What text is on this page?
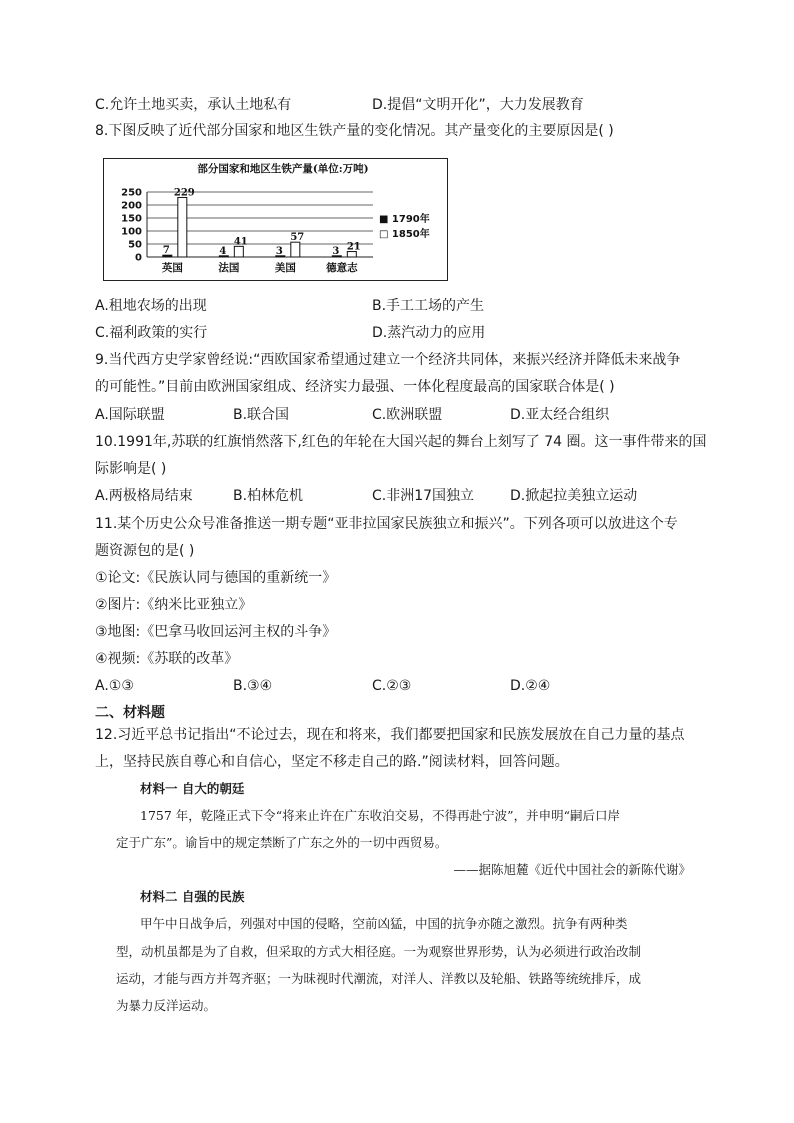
C.允许土地买卖，承认土地私有	D.提倡“文明开化”，大力发展教育
8.下图反映了近代部分国家和地区生铁产量的变化情况。其产量变化的主要原因是( )
部分国家和地区生铁产量(单位:万吨)
0
50
100
150
200
250
7
229
英国
4
41
法国
3
57
美国
3 21
德意志
■ 1790年
□ 1850年
A.租地农场的出现	B.手工工场的产生
C.福利政策的实行	D.蒸汽动力的应用
9.当代西方史学家曾经说:“西欧国家希望通过建立一个经济共同体，来振兴经济并降低未来战争
的可能性。”目前由欧洲国家组成、经济实力最强、一体化程度最高的国家联合体是( )
A.国际联盟	B.联合国	C.欧洲联盟	D.亚太经合组织
10.1991年,苏联的红旗悄然落下,红色的年轮在大国兴起的舞台上刻写了 74 圈。这一事件带来的国
际影响是( )
A.两极格局结束	B.柏林危机	C.非洲17国独立	D.掀起拉美独立运动
11.某个历史公众号准备推送一期专题“亚非拉国家民族独立和振兴”。下列各项可以放进这个专
题资源包的是( )
①论文:《民族认同与德国的重新统一》
②图片:《纳米比亚独立》
③地图:《巴拿马收回运河主权的斗争》
④视频:《苏联的改革》
A.①③	B.③④	C.②③	D.②④
二、材料题
12.习近平总书记指出“不论过去，现在和将来，我们都要把国家和民族发展放在自己力量的基点
上，坚持民族自尊心和自信心，坚定不移走自己的路.”阅读材料，回答问题。
材料一 自大的朝廷
1757 年，乾隆正式下令“将来止许在广东收泊交易，不得再赴宁波”，并申明“嗣后口岸
定于广东”。谕旨中的规定禁断了广东之外的一切中西贸易。
——据陈旭麓《近代中国社会的新陈代谢》
材料二 自强的民族
甲午中日战争后，列强对中国的侵略，空前凶猛，中国的抗争亦随之激烈。抗争有两种类
型，动机虽都是为了自救，但采取的方式大相径庭。一为观察世界形势，认为必须进行政治改制
运动，才能与西方并驾齐驱；一为昧视时代潮流，对洋人、洋教以及轮船、铁路等统统排斥，成
为暴力反洋运动。
